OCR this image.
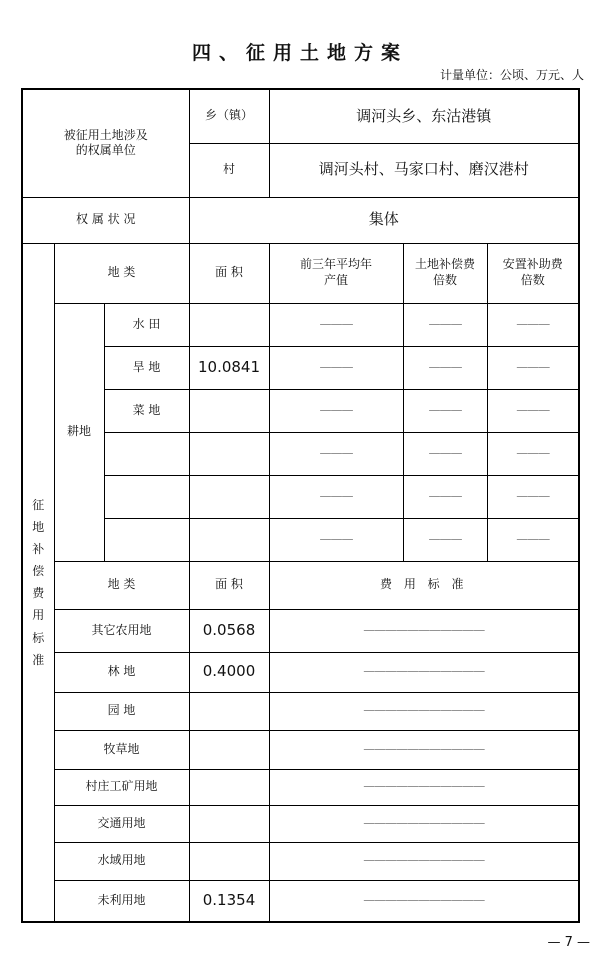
四、征用土地方案
计量单位：公顷、万元、人
被征用土地涉及的权属单位			乡（镇）	调河头乡、东沽港镇		
			村	调河头村、马家口村、磨汉港村		
权 属 状 况			集体			
征地补偿费用标准	地 类		面 积	前三年平均年产值	土地补偿费倍数	安置补助费倍数
	耕地	水 田		———	———	———
		旱 地	10.0841	———	———	———
		菜 地		———	———	———
				———	———	———
				———	———	———
				———	———	———
	地 类		面 积	费 用 标 准		
	其它农用地		0.0568	———————————		
	林 地		0.4000	———————————		
	园 地			———————————		
	牧草地			———————————		
	村庄工矿用地			———————————		
	交通用地			———————————		
	水域用地			———————————		
	未利用地		0.1354	———————————		
— 7 —
